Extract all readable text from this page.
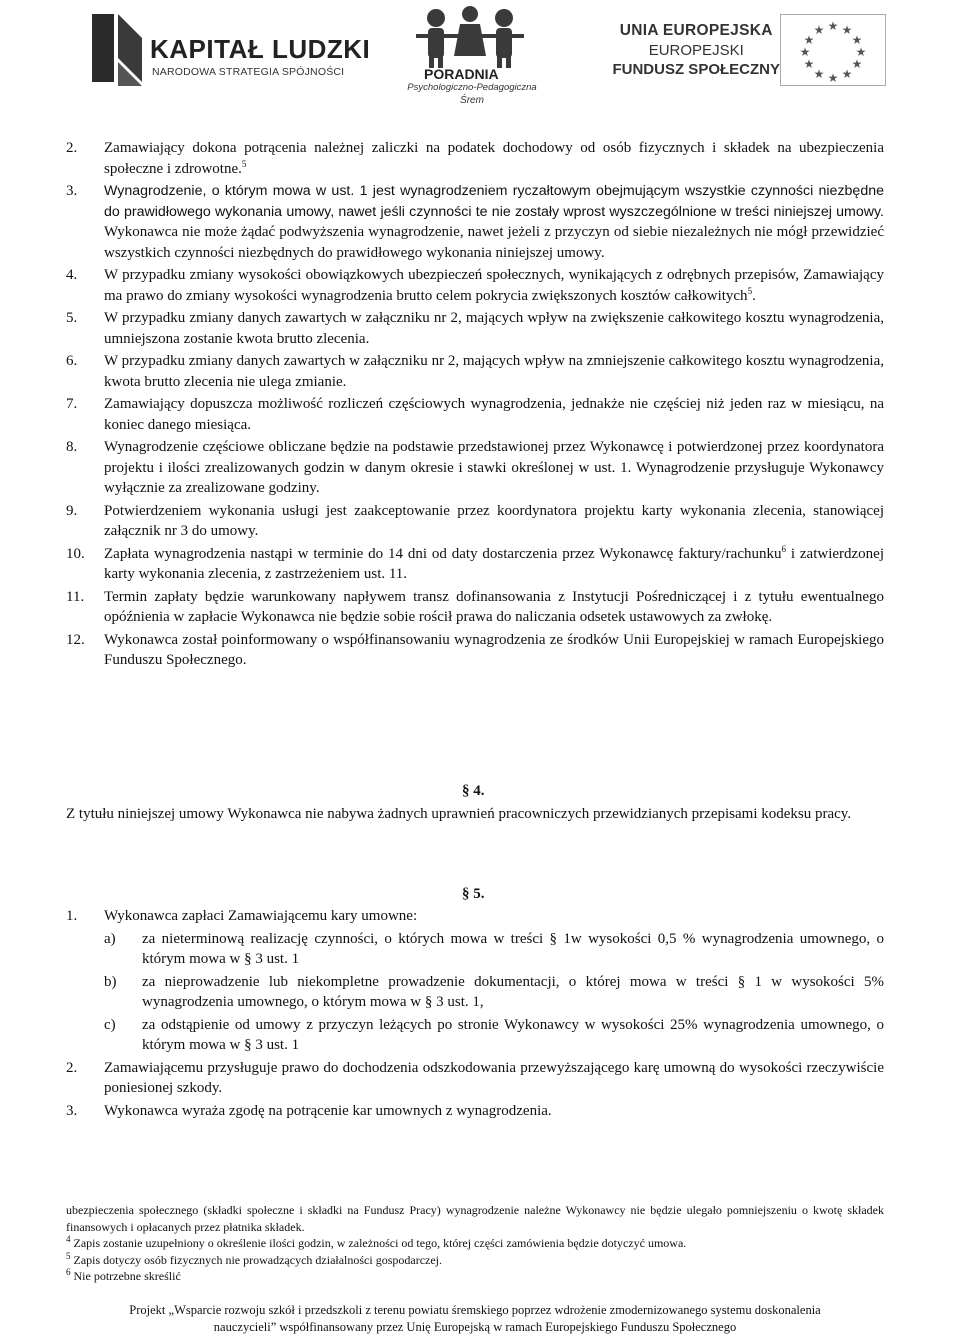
KAPITAŁ LUDZKI
NARODOWA STRATEGIA SPÓJNOŚCI	PORADNIA
Psychologiczno-Pedagogiczna
Śrem
UNIA EUROPEJSKA
EUROPEJSKI
FUNDUSZ SPOŁECZNY
★ ★
★
★
★
★
★
★
★
★
★
★
2. Zamawiający dokona potrącenia należnej zaliczki na podatek dochodowy od osób fizycznych i składek na ubezpieczenia społeczne i zdrowotne.$^5$
3. Wynagrodzenie, o którym mowa w ust. 1 jest wynagrodzeniem ryczałtowym obejmującym wszystkie czynności niezbędne do prawidłowego wykonania umowy, nawet jeśli czynności te nie zostały wprost wyszczególnione w treści niniejszej umowy. Wykonawca nie może żądać podwyższenia wynagrodzenie, nawet jeżeli z przyczyn od siebie niezależnych nie mógł przewidzieć wszystkich czynności niezbędnych do prawidłowego wykonania niniejszej umowy.
4. W przypadku zmiany wysokości obowiązkowych ubezpieczeń społecznych, wynikających z odrębnych przepisów, Zamawiający ma prawo do zmiany wysokości wynagrodzenia brutto celem pokrycia zwiększonych kosztów całkowitych$^5$.
5. W przypadku zmiany danych zawartych w załączniku nr 2, mających wpływ na zwiększenie całkowitego kosztu wynagrodzenia, umniejszona zostanie kwota brutto zlecenia.
6. W przypadku zmiany danych zawartych w załączniku nr 2, mających wpływ na zmniejszenie całkowitego kosztu wynagrodzenia, kwota brutto zlecenia nie ulega zmianie.
7. Zamawiający dopuszcza możliwość rozliczeń częściowych wynagrodzenia, jednakże nie częściej niż jeden raz w miesiącu, na koniec danego miesiąca.
8. Wynagrodzenie częściowe obliczane będzie na podstawie przedstawionej przez Wykonawcę i potwierdzonej przez koordynatora projektu i ilości zrealizowanych godzin w danym okresie i stawki określonej w ust. 1. Wynagrodzenie przysługuje Wykonawcy wyłącznie za zrealizowane godziny.
9. Potwierdzeniem wykonania usługi jest zaakceptowanie przez koordynatora projektu karty wykonania zlecenia, stanowiącej załącznik nr 3 do umowy.
10. Zapłata wynagrodzenia nastąpi w terminie do 14 dni od daty dostarczenia przez Wykonawcę faktury/rachunku$^6$ i zatwierdzonej karty wykonania zlecenia, z zastrzeżeniem ust. 11.
11. Termin zapłaty będzie warunkowany napływem transz dofinansowania z Instytucji Pośredniczącej i z tytułu ewentualnego opóźnienia w zapłacie Wykonawca nie będzie sobie rościł prawa do naliczania odsetek ustawowych za zwłokę.
12. Wykonawca został poinformowany o współfinansowaniu wynagrodzenia ze środków Unii Europejskiej w ramach Europejskiego Funduszu Społecznego.
§ 4.
Z tytułu niniejszej umowy Wykonawca nie nabywa żadnych uprawnień pracowniczych przewidzianych przepisami kodeksu pracy.
§ 5.
1. Wykonawca zapłaci Zamawiającemu kary umowne:
a) za nieterminową realizację czynności, o których mowa w treści § 1w wysokości 0,5 % wynagrodzenia umownego, o którym mowa w § 3 ust. 1
b) za nieprowadzenie lub niekompletne prowadzenie dokumentacji, o której mowa w treści § 1 w wysokości 5% wynagrodzenia umownego, o którym mowa w § 3 ust. 1,
c) za odstąpienie od umowy z przyczyn leżących po stronie Wykonawcy w wysokości 25% wynagrodzenia umownego, o którym mowa w § 3 ust. 1
2. Zamawiającemu przysługuje prawo do dochodzenia odszkodowania przewyższającego karę umowną do wysokości rzeczywiście poniesionej szkody.
3. Wykonawca wyraża zgodę na potrącenie kar umownych z wynagrodzenia.

ubezpieczenia społecznego (składki społeczne i składki na Fundusz Pracy) wynagrodzenie należne Wykonawcy nie będzie ulegało pomniejszeniu o kwotę składek finansowych i opłacanych przez płatnika składek.

$^4$ Zapis zostanie uzupełniony o określenie ilości godzin, w zależności od tego, której części zamówienia będzie dotyczyć umowa.

$^5$ Zapis dotyczy osób fizycznych nie prowadzących działalności gospodarczej.

$^6$ Nie potrzebne skreślić

Projekt „Wsparcie rozwoju szkół i przedszkoli z terenu powiatu śremskiego poprzez wdrożenie zmodernizowanego systemu doskonalenia
nauczycieli” współfinansowany przez Unię Europejską w ramach Europejskiego Funduszu Społecznego
